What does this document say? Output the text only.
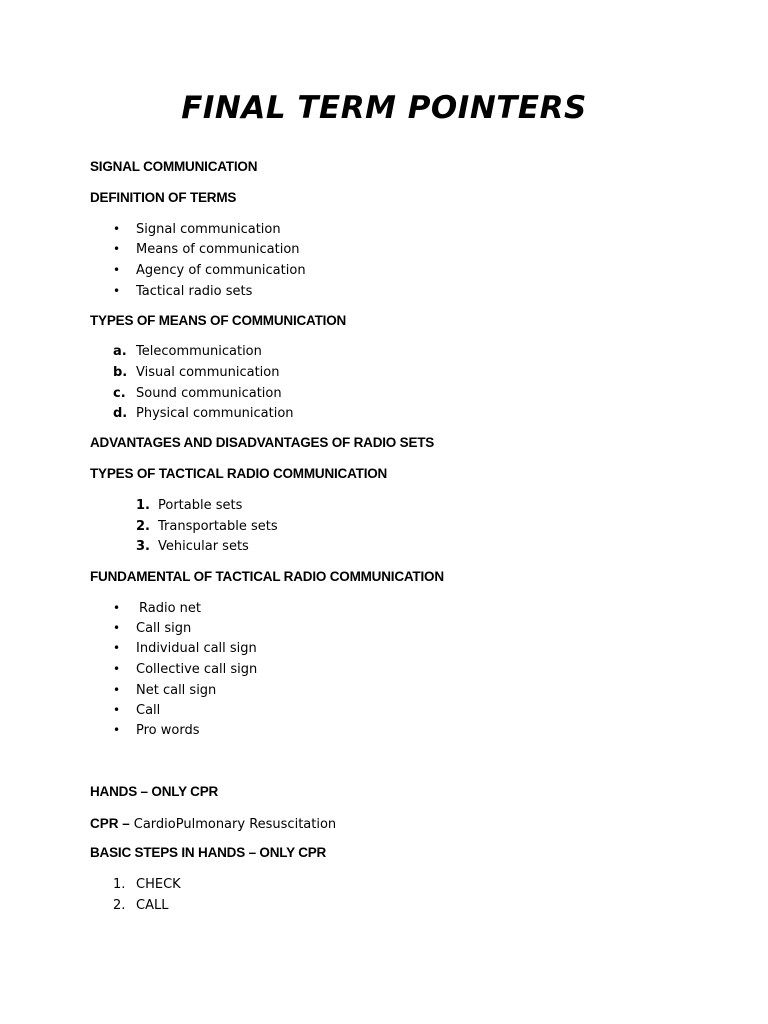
FINAL TERM POINTERS
SIGNAL COMMUNICATION
DEFINITION OF TERMS
• Signal communication
• Means of communication
• Agency of communication
• Tactical radio sets
TYPES OF MEANS OF COMMUNICATION
a. Telecommunication
b. Visual communication
c. Sound communication
d. Physical communication
ADVANTAGES AND DISADVANTAGES OF RADIO SETS
TYPES OF TACTICAL RADIO COMMUNICATION
1. Portable sets
2. Transportable sets
3. Vehicular sets
FUNDAMENTAL OF TACTICAL RADIO COMMUNICATION
• Radio net
• Call sign
• Individual call sign
• Collective call sign
• Net call sign
• Call
• Pro words
HANDS – ONLY CPR
CPR – CardioPulmonary Resuscitation
BASIC STEPS IN HANDS – ONLY CPR
1. CHECK
2. CALL
